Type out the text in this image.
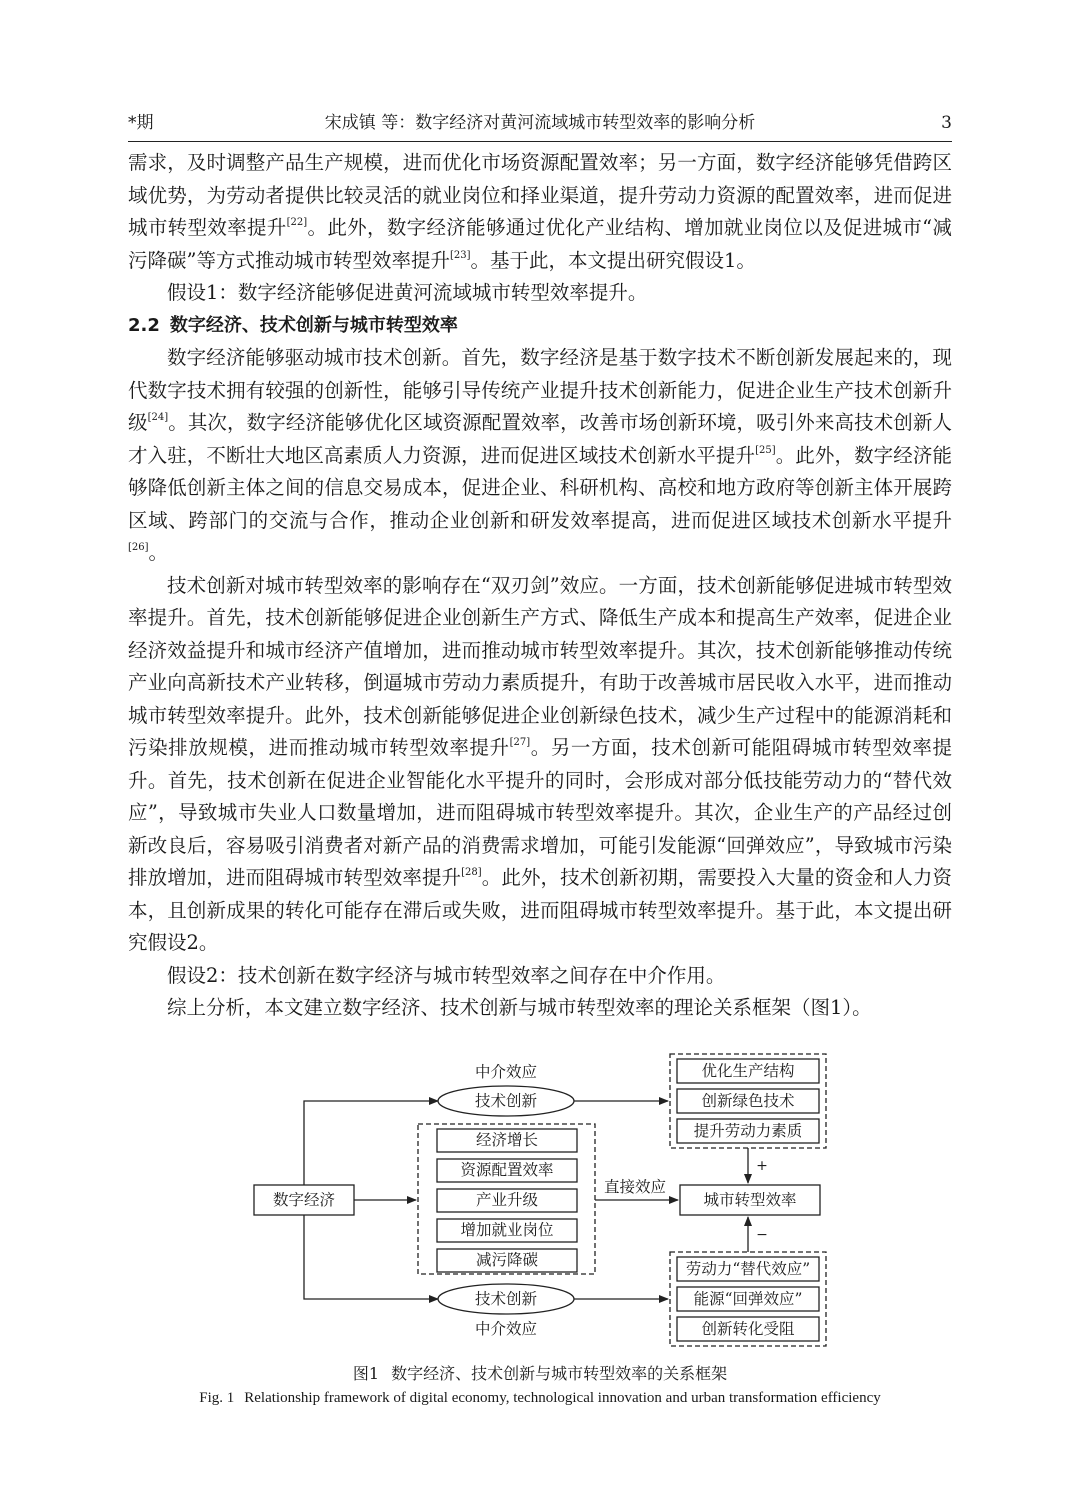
*期	宋成镇 等：数字经济对黄河流域城市转型效率的影响分析	3

需求，及时调整产品生产规模，进而优化市场资源配置效率；另一方面，数字经济能够凭借跨区域优势，为劳动者提供比较灵活的就业岗位和择业渠道，提升劳动力资源的配置效率，进而促进城市转型效率提升[22]。此外，数字经济能够通过优化产业结构、增加就业岗位以及促进城市“减污降碳”等方式推动城市转型效率提升[23]。基于此，本文提出研究假设1。

假设1：数字经济能够促进黄河流域城市转型效率提升。

2.2 数字经济、技术创新与城市转型效率

数字经济能够驱动城市技术创新。首先，数字经济是基于数字技术不断创新发展起来的，现代数字技术拥有较强的创新性，能够引导传统产业提升技术创新能力，促进企业生产技术创新升级[24]。其次，数字经济能够优化区域资源配置效率，改善市场创新环境，吸引外来高技术创新人才入驻，不断壮大地区高素质人力资源，进而促进区域技术创新水平提升[25]。此外，数字经济能够降低创新主体之间的信息交易成本，促进企业、科研机构、高校和地方政府等创新主体开展跨区域、跨部门的交流与合作，推动企业创新和研发效率提高，进而促进区域技术创新水平提升[26]。

技术创新对城市转型效率的影响存在“双刃剑”效应。一方面，技术创新能够促进城市转型效率提升。首先，技术创新能够促进企业创新生产方式、降低生产成本和提高生产效率，促进企业经济效益提升和城市经济产值增加，进而推动城市转型效率提升。其次，技术创新能够推动传统产业向高新技术产业转移，倒逼城市劳动力素质提升，有助于改善城市居民收入水平，进而推动城市转型效率提升。此外，技术创新能够促进企业创新绿色技术，减少生产过程中的能源消耗和污染排放规模，进而推动城市转型效率提升[27]。另一方面，技术创新可能阻碍城市转型效率提升。首先，技术创新在促进企业智能化水平提升的同时，会形成对部分低技能劳动力的“替代效应”，导致城市失业人口数量增加，进而阻碍城市转型效率提升。其次，企业生产的产品经过创新改良后，容易吸引消费者对新产品的消费需求增加，可能引发能源“回弹效应”，导致城市污染排放增加，进而阻碍城市转型效率提升[28]。此外，技术创新初期，需要投入大量的资金和人力资本，且创新成果的转化可能存在滞后或失败，进而阻碍城市转型效率提升。基于此，本文提出研究假设2。

假设2：技术创新在数字经济与城市转型效率之间存在中介作用。

综上分析，本文建立数字经济、技术创新与城市转型效率的理论关系框架（图1）。

数字经济
中介效应
技术创新
技术创新
中介效应
直接效应
经济增长
资源配置效率
产业升级
增加就业岗位
减污降碳
优化生产结构
创新绿色技术
提升劳动力素质
城市转型效率
+
−
劳动力“替代效应”
能源“回弹效应”
创新转化受阻
图1 数字经济、技术创新与城市转型效率的关系框架
Fig. 1 Relationship framework of digital economy, technological innovation and urban transformation efficiency
